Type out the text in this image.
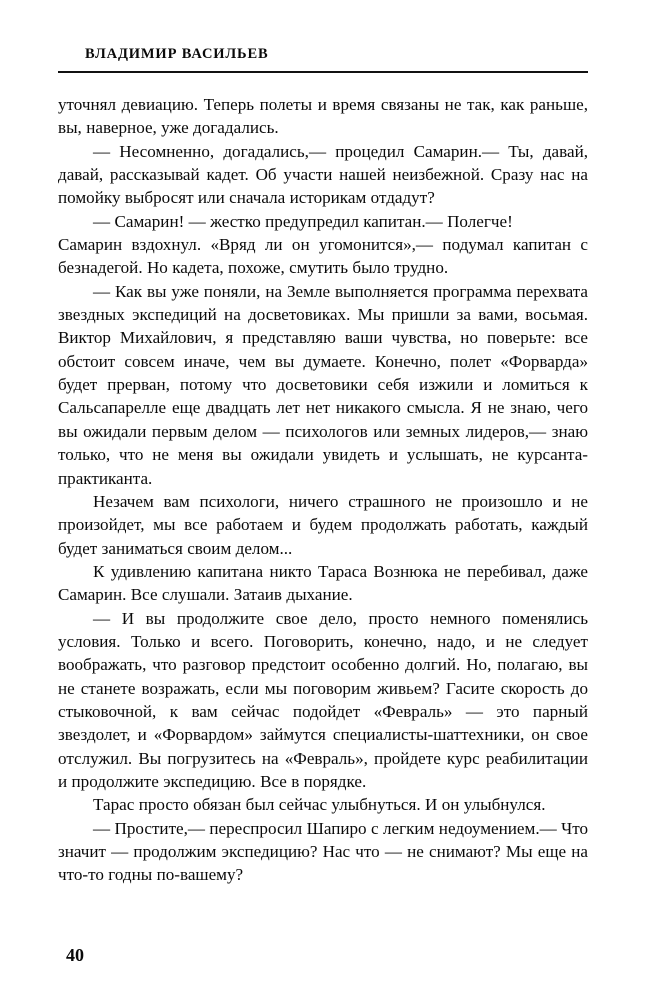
ВЛАДИМИР ВАСИЛЬЕВ

уточнял девиацию. Теперь полеты и время связаны не так, как раньше, вы, наверное, уже догадались.

— Несомненно, догадались,— процедил Самарин.— Ты, давай, давай, рассказывай кадет. Об участи нашей неизбежной. Сразу нас на помойку выбросят или сначала историкам отдадут?

— Самарин! — жестко предупредил капитан.— Полегче!

Самарин вздохнул. «Вряд ли он угомонится»,— подумал капитан с безнадегой. Но кадета, похоже, смутить было трудно.

— Как вы уже поняли, на Земле выполняется программа перехвата звездных экспедиций на досветовиках. Мы пришли за вами, восьмая. Виктор Михайлович, я представляю ваши чувства, но поверьте: все обстоит совсем иначе, чем вы думаете. Конечно, полет «Форварда» будет прерван, потому что досветовики себя изжили и ломиться к Сальсапарелле еще двадцать лет нет никакого смысла. Я не знаю, чего вы ожидали первым делом — психологов или земных лидеров,— знаю только, что не меня вы ожидали увидеть и услышать, не курсанта-практиканта.

Незачем вам психологи, ничего страшного не произошло и не произойдет, мы все работаем и будем продолжать работать, каждый будет заниматься своим делом...

К удивлению капитана никто Тараса Вознюка не перебивал, даже Самарин. Все слушали. Затаив дыхание.

— И вы продолжите свое дело, просто немного поменялись условия. Только и всего. Поговорить, конечно, надо, и не следует воображать, что разговор предстоит особенно долгий. Но, полагаю, вы не станете возражать, если мы поговорим живьем? Гасите скорость до стыковочной, к вам сейчас подойдет «Февраль» — это парный звездолет, и «Форвардом» займутся специалисты-шаттехники, он свое отслужил. Вы погрузитесь на «Февраль», пройдете курс реабилитации и продолжите экспедицию. Все в порядке.

Тарас просто обязан был сейчас улыбнуться. И он улыбнулся.

— Простите,— переспросил Шапиро с легким недоумением.— Что значит — продолжим экспедицию? Нас что — не снимают? Мы еще на что-то годны по-вашему?

40
